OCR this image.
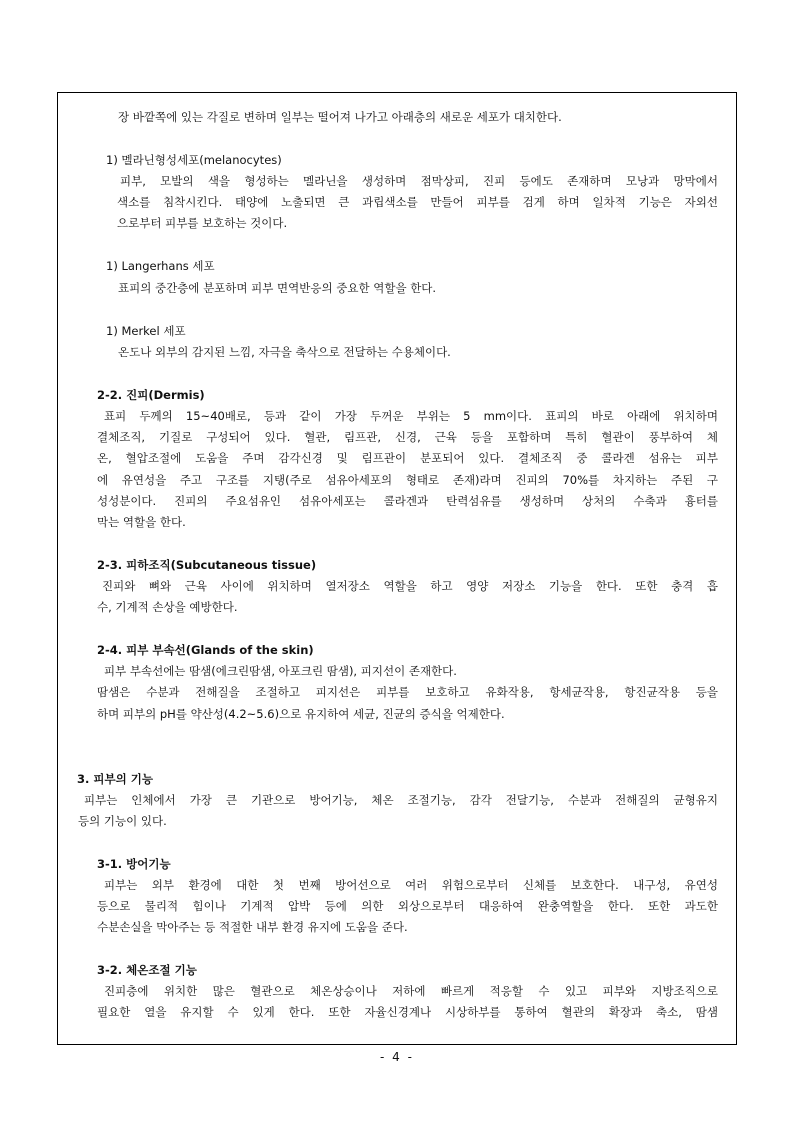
장 바깥쪽에 있는 각질로 변하며 일부는 떨어져 나가고 아래층의 새로운 세포가 대치한다.
1) 멜라닌형성세포(melanocytes)
피부, 모발의 색을 형성하는 멜라닌을 생성하며 점막상피, 진피 등에도 존재하며 모낭과 망막에서
색소를 침착시킨다. 태양에 노출되면 큰 과립색소를 만들어 피부를 검게 하며 일차적 기능은 자외선
으로부터 피부를 보호하는 것이다.
1) Langerhans 세포
표피의 중간층에 분포하며 피부 면역반응의 중요한 역할을 한다.
1) Merkel 세포
온도나 외부의 감지된 느낌, 자극을 축삭으로 전달하는 수용체이다.
2-2. 진피(Dermis)
표피 두께의 15~40배로, 등과 같이 가장 두꺼운 부위는 5 mm이다. 표피의 바로 아래에 위치하며
결체조직, 기질로 구성되어 있다. 혈관, 림프관, 신경, 근육 등을 포함하며 특히 혈관이 풍부하여 체
온, 혈압조절에 도움을 주며 감각신경 및 림프관이 분포되어 있다. 결체조직 중 콜라겐 섬유는 피부
에 유연성을 주고 구조를 지탱(주로 섬유아세포의 형태로 존재)라며 진피의 70%를 차지하는 주된 구
성성분이다. 진피의 주요섬유인 섬유아세포는 콜라겐과 탄력섬유를 생성하며 상처의 수축과 흉터를
막는 역할을 한다.
2-3. 피하조직(Subcutaneous tissue)
진피와 뼈와 근육 사이에 위치하며 열저장소 역할을 하고 영양 저장소 기능을 한다. 또한 충격 흡
수, 기계적 손상을 예방한다.
2-4. 피부 부속선(Glands of the skin)
피부 부속선에는 땀샘(에크린땀샘, 아포크린 땀샘), 피지선이 존재한다.
땀샘은 수분과 전해질을 조절하고 피지선은 피부를 보호하고 유화작용, 항세균작용, 항진균작용 등을
하며 피부의 pH를 약산성(4.2~5.6)으로 유지하여 세균, 진균의 증식을 억제한다.
3. 피부의 기능
피부는 인체에서 가장 큰 기관으로 방어기능, 체온 조절기능, 감각 전달기능, 수분과 전해질의 균형유지
등의 기능이 있다.
3-1. 방어기능
피부는 외부 환경에 대한 첫 번째 방어선으로 여러 위험으로부터 신체를 보호한다. 내구성, 유연성
등으로 물리적 힘이나 기계적 압박 등에 의한 외상으로부터 대응하여 완충역할을 한다. 또한 과도한
수분손실을 막아주는 등 적절한 내부 환경 유지에 도움을 준다.
3-2. 체온조절 기능
진피층에 위치한 많은 혈관으로 체온상승이나 저하에 빠르게 적응할 수 있고 피부와 지방조직으로
필요한 열을 유지할 수 있게 한다. 또한 자율신경계나 시상하부를 통하여 혈관의 확장과 축소, 땀샘
- 4 -
